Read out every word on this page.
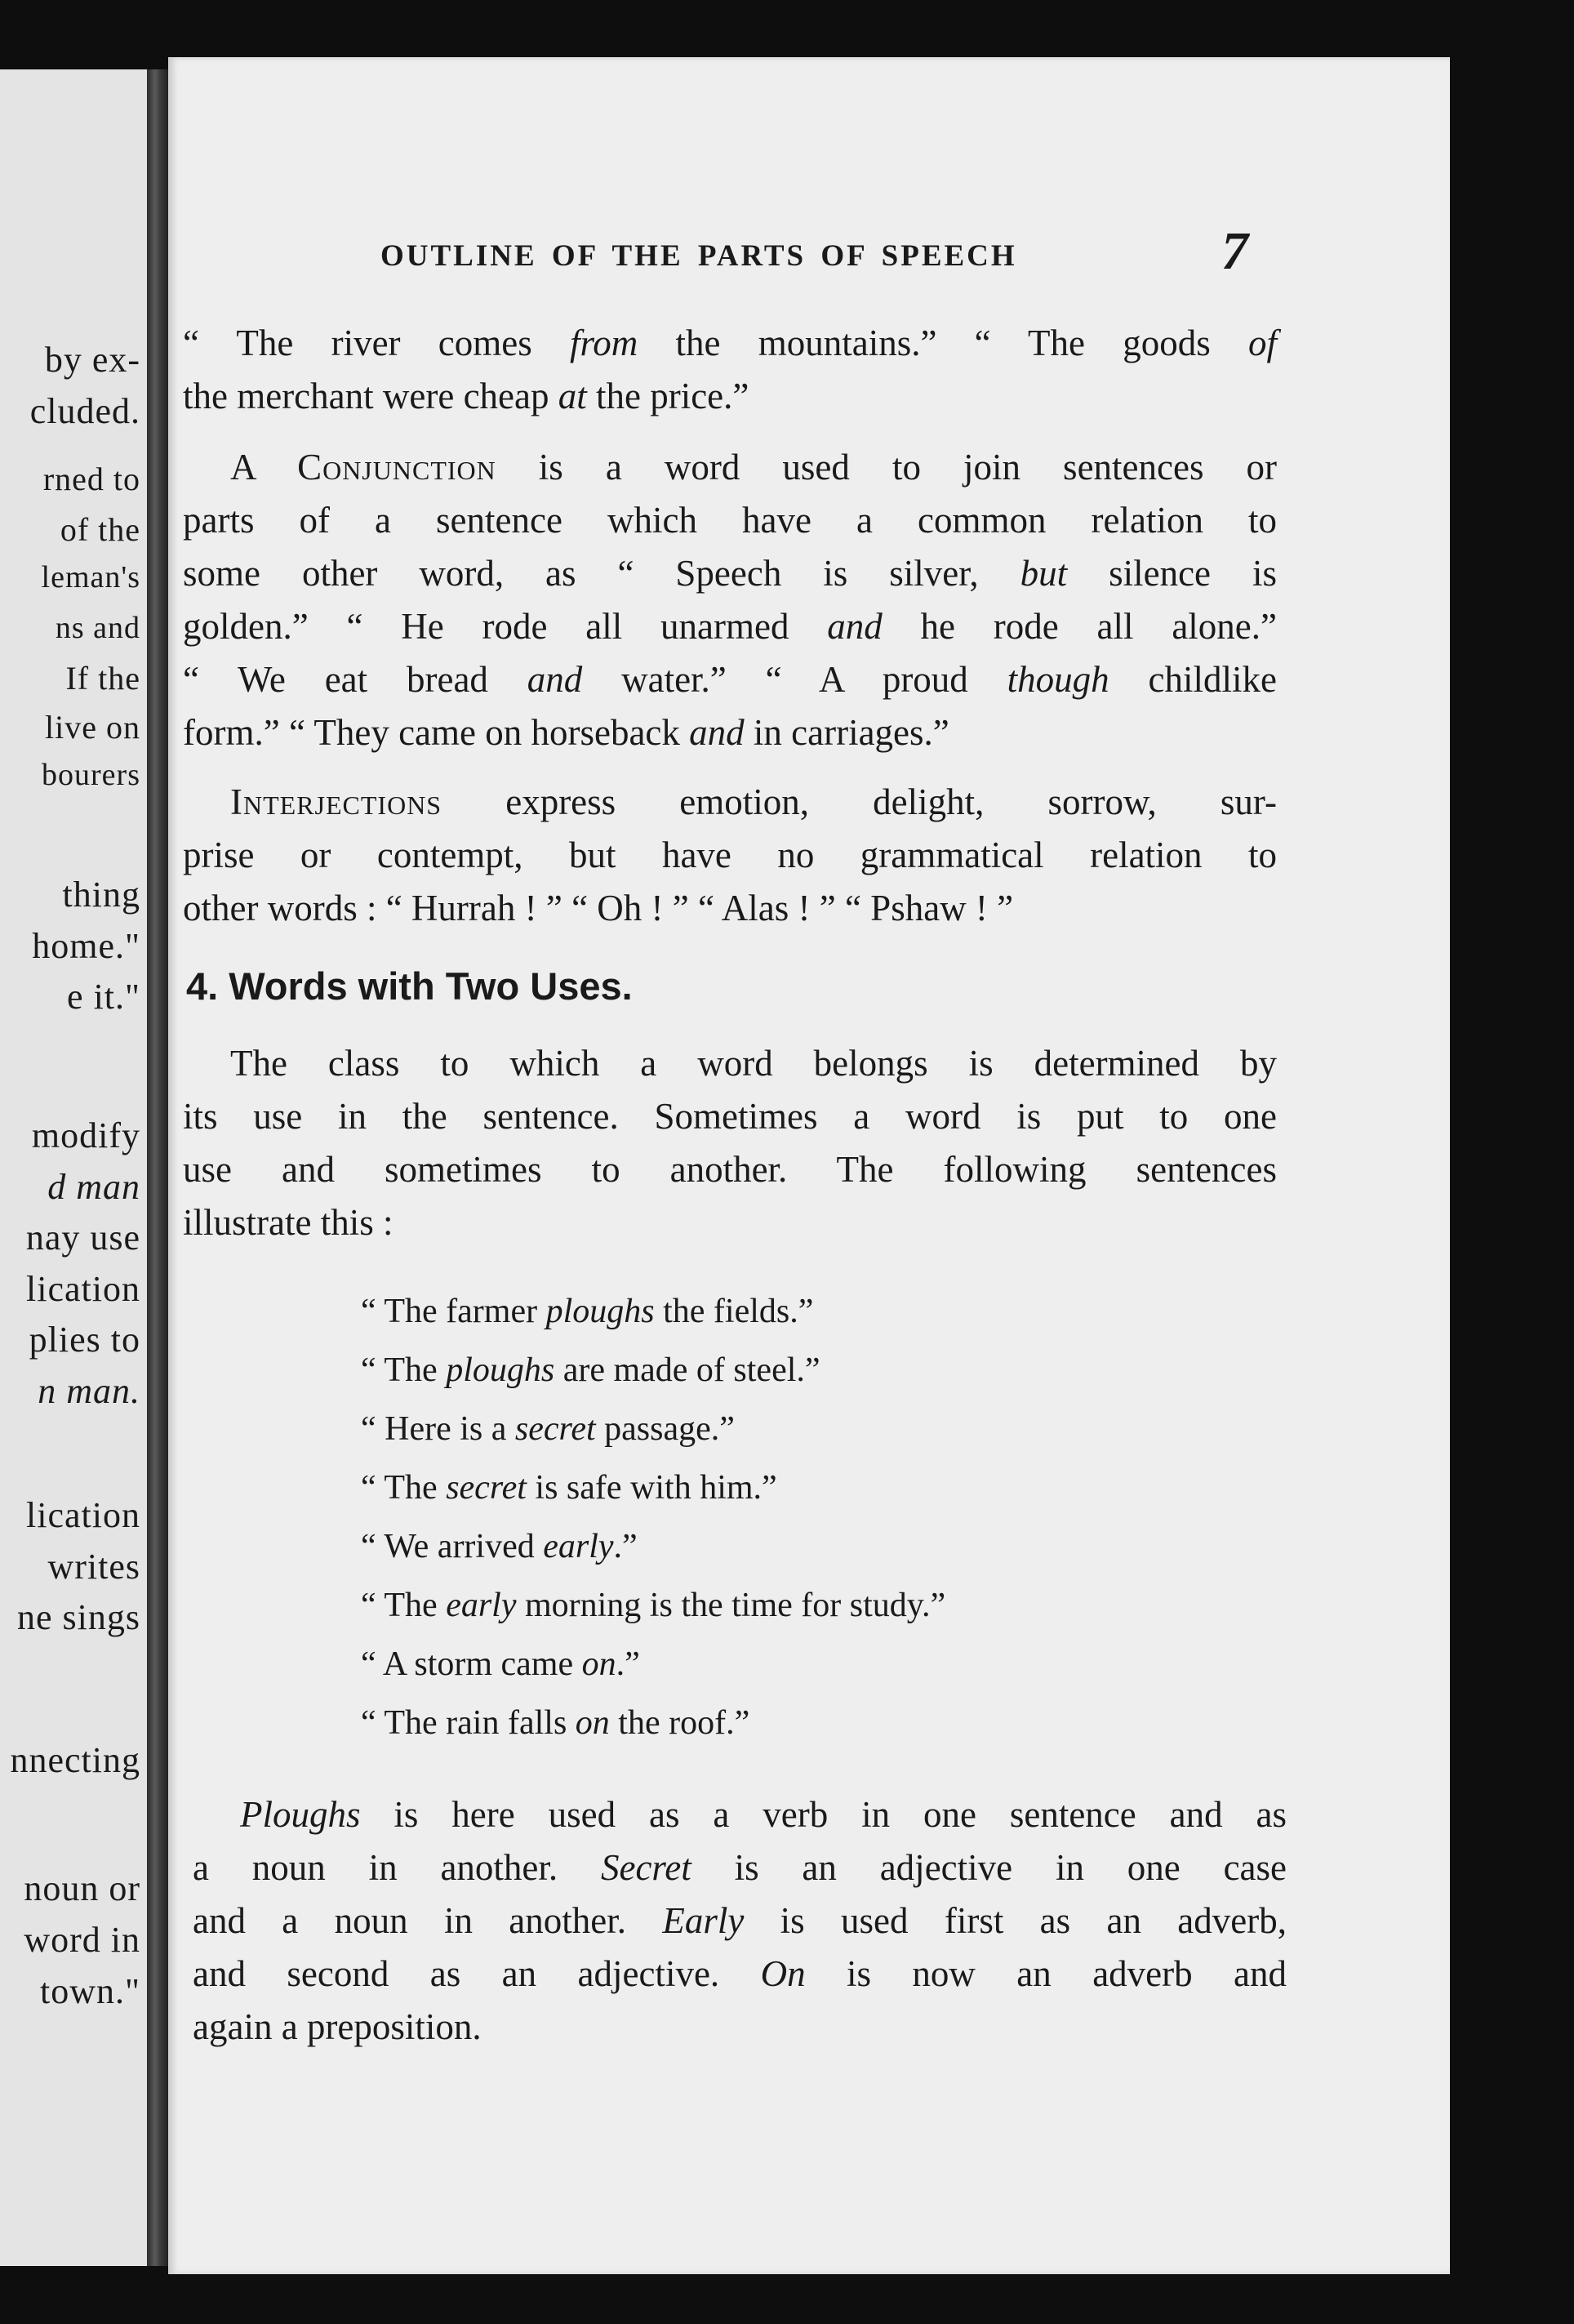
by ex-
cluded.
rned to
of the
leman's
ns and
If the
live on
bourers
thing
home."
e it."
modify
d man
nay use
lication
plies to
n man.
lication
writes
ne sings
nnecting
noun or
word in
town."
OUTLINE OF THE PARTS OF SPEECH	7
“ The river comes from the mountains.” “ The goods of
the merchant were cheap at the price.”
A Conjunction is a word used to join sentences or
parts of a sentence which have a common relation to
some other word, as “ Speech is silver, but silence is
golden.” “ He rode all unarmed and he rode all alone.”
“ We eat bread and water.” “ A proud though childlike
form.” “ They came on horseback and in carriages.”
Interjections express emotion, delight, sorrow, sur-
prise or contempt, but have no grammatical relation to
other words : “ Hurrah ! ” “ Oh ! ” “ Alas ! ” “ Pshaw ! ”
4. Words with Two Uses.
The class to which a word belongs is determined by
its use in the sentence. Sometimes a word is put to one
use and sometimes to another. The following sentences
illustrate this :
“ The farmer ploughs the fields.”
“ The ploughs are made of steel.”
“ Here is a secret passage.”
“ The secret is safe with him.”
“ We arrived early.”
“ The early morning is the time for study.”
“ A storm came on.”
“ The rain falls on the roof.”
Ploughs is here used as a verb in one sentence and as
a noun in another. Secret is an adjective in one case
and a noun in another. Early is used first as an adverb,
and second as an adjective. On is now an adverb and
again a preposition.
